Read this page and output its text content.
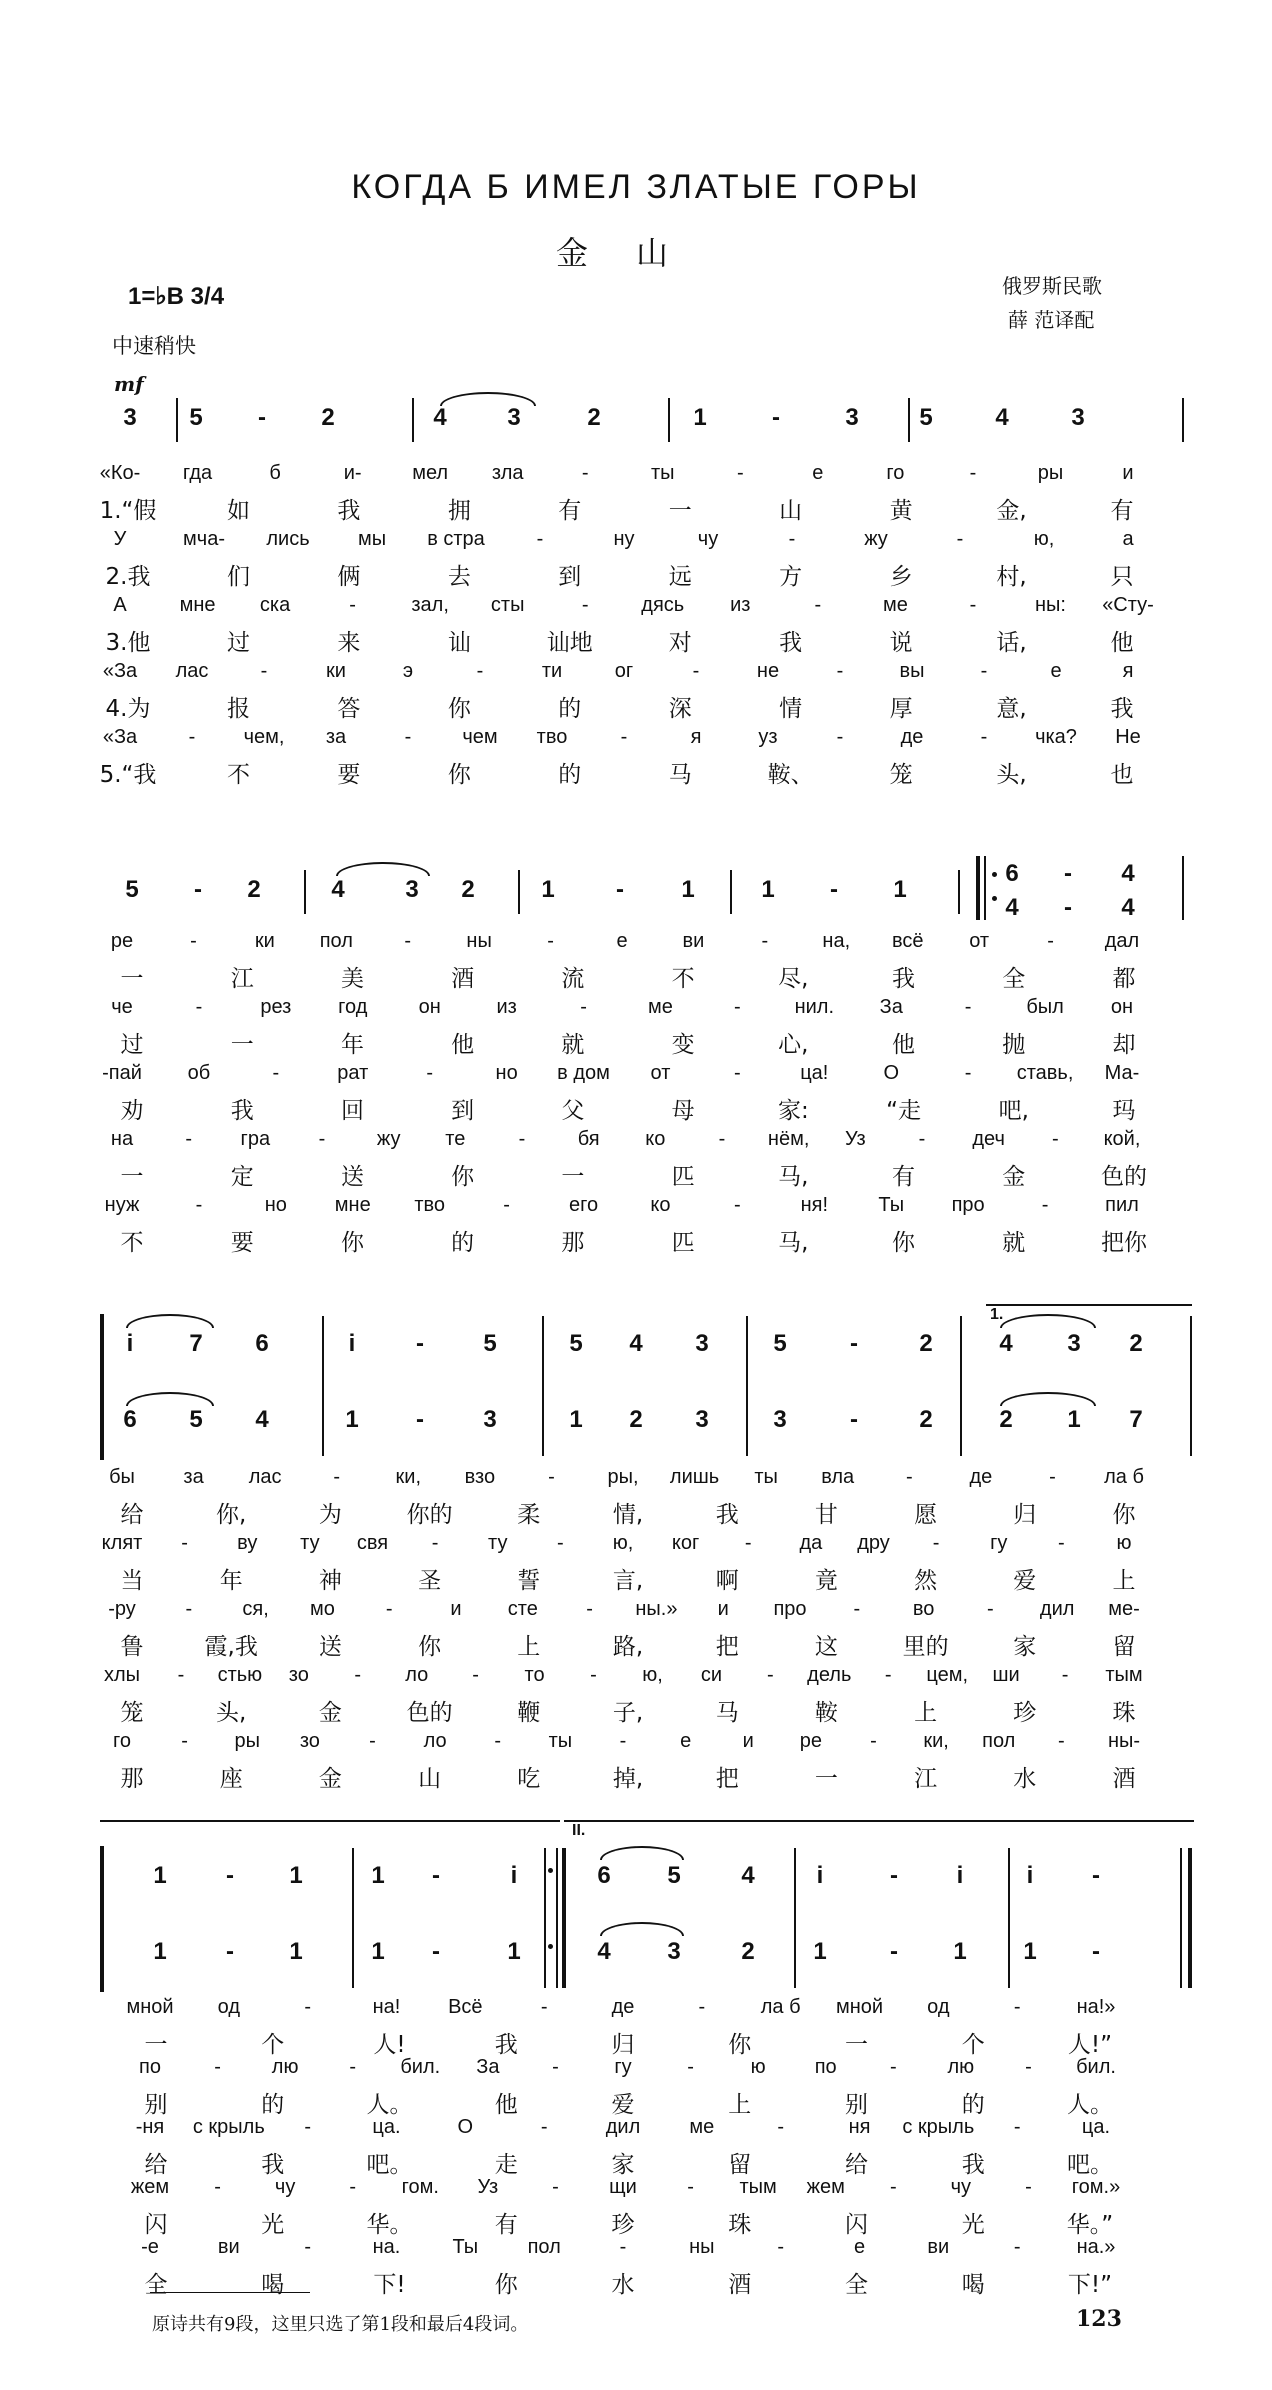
КОГДА Б ИМЕЛ ЗЛАТЫЕ ГОРЫ
金山
1=♭B 3/4
中速稍快
俄罗斯民歌
薛 范译配
mf
3 5 - 2	4	3	2	1	-	3	5	4	3
«Ко- гда	б	и-	мел зла	-	ты	-	е	го	-	ры	и
1.“假	如	我	拥	有	一	山	黄	金,	有
У	мча- лись мы в стра	-	ну	чу	-	жу	-	ю,	а
2.我	们	俩	去	到	远	方	乡	村,	只
А	мне ска	-	зал, сты	-	дясь из	-	ме	-	ны: «Сту-
3.他	过	来	讪	讪地	对	我	说	话,	他
«За лас	-	ки	э	-	ти	ог	-	не	-	вы	-	е	я
4.为	报	答	你	的	深	情	厚	意,	我
«За	- чем, за	-	чем тво	-	я	уз	-	де	- чка? Не
5.“我	不	要	你	的	马	鞍、	笼	头,	也
5 - 2	4	3 2	1	- 1	1 - 1
6 - 4
4 - 4
ре	-	ки пол	-	ны	-	е	ви	-	на, всё от	-	дал
一	江	美	酒	流	不	尽,	我	全	都
че	-	рез год	он	из	-	ме	-	нил. За	-	был он
过	一	年	他	就	变	心,	他	抛	却
-пай об	-	рат	-	но в дом от	-	ца!	О	- ставь, Ма-
劝	我	回	到	父	母	家:	“走	吧,	玛
на	- гра -	жу те	-	бя ко	- нём, Уз	- деч - кой,
一	定	送	你	一	匹	马,	有	金	色的
нуж	-	но мне тво	-	его	ко	-	ня!	Ты про	-	пил
不	要	你	的	那	匹	马,	你	就	把你
i 7 6	i	- 5	5 4 3	5	-	2	4 3 2
6 5 4	1 - 3	1 2 3	3	-	2	2 1 7
1.
бы за лас	-	ки, взо	-	ры, лишь ты вла	-	де	- ла б
给	你,	为	你的	柔	情,	我	甘	愿	归	你
клят - ву ту свя - ту - ю, ког - да дру -	гу	-	ю
当	年	神	圣	誓	言,	啊	竟	然	爱	上
-ру -	ся, мо	-	и сте - ны.» и про -	во	- дил ме-
鲁	霞,我	送	你	上	路,	把	这	里的	家	留
хлы - стью зо - ло - то - ю, си - дель - цем, ши - тым
笼	头,	金	色的	鞭	子,	马	鞍	上	珍	珠
го	- ры зо - ло - ты -	е	и ре - ки, пол - ны-
那	座	金	山	吃	掉,	把	一	江	水	酒
1 - 1	1 -	i	6 5	4	i	- i	i -
1 - 1	1 -	1	4 3	2 1	- 1 1 -
II.
мной од	-	на! Всё	-	де	-	ла б мной од	-	на!»
一	个	人!	我	归	你	一	个	人!”
по	-	лю	- бил. За	-	гу	-	ю по	-	лю	- бил.
别	的	人。	他	爱	上	别	的	人。
-ня с крыль -	ца.	О	-	дил ме	-	ня с крыль -	ца.
给	我	吧。	走	家	留	给	我	吧。
жем -	чу	- гом. Уз	-	щи	- тым жем -	чу	- гом.»
闪	光	华。	有	珍	珠	闪	光	华。”
-е	ви	-	на.	Ты пол	-	ны	-	е	ви	-	на.»
全	喝	下!	你	水	酒	全	喝	下!”
原诗共有9段，这里只选了第1段和最后4段词。	123
